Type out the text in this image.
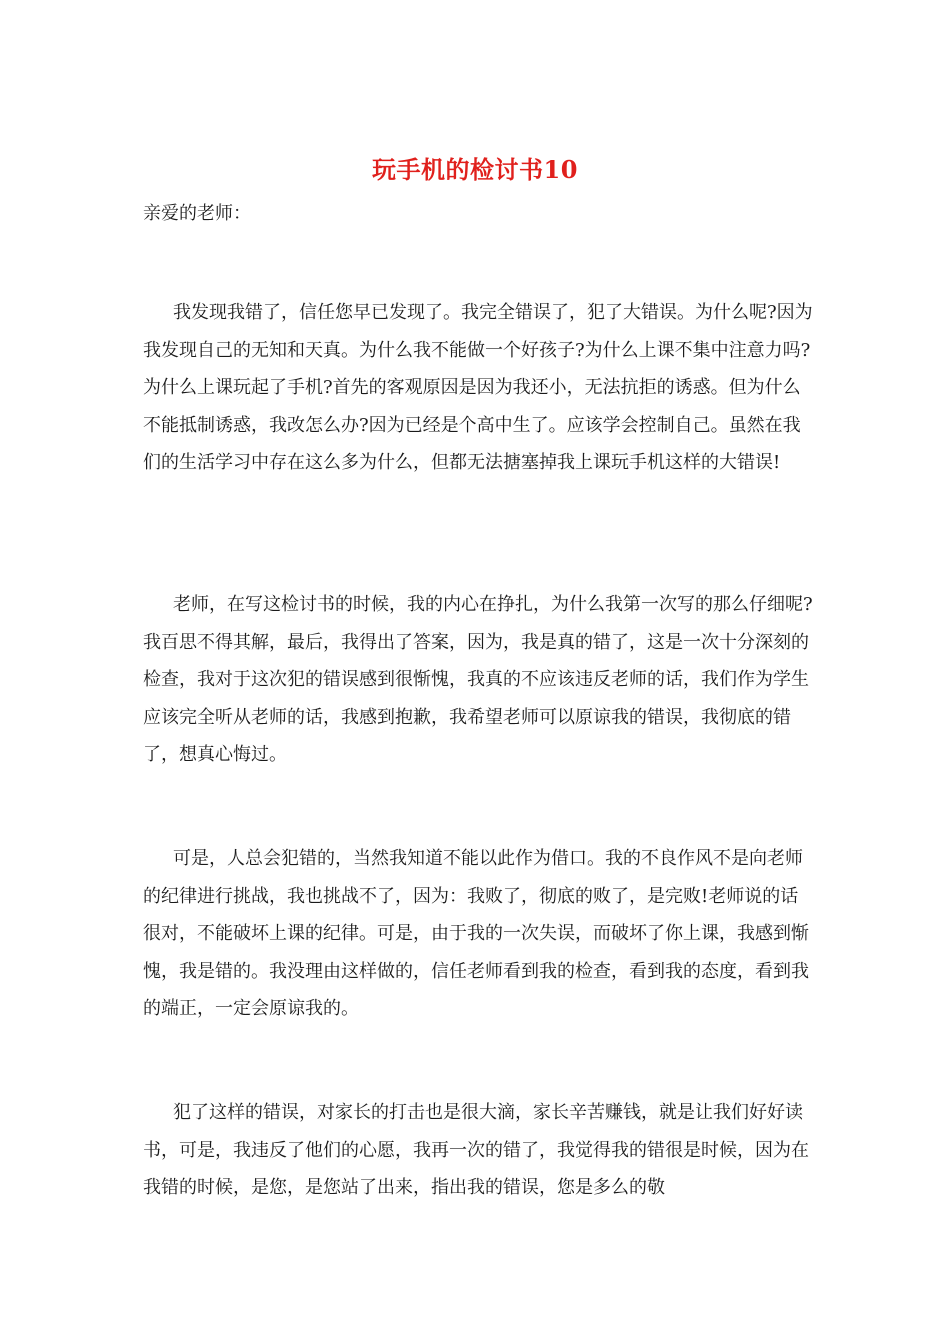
玩手机的检讨书10
亲爱的老师：

我发现我错了，信任您早已发现了。我完全错误了，犯了大错误。为什么呢?因为我发现自己的无知和天真。为什么我不能做一个好孩子?为什么上课不集中注意力吗?为什么上课玩起了手机?首先的客观原因是因为我还小，无法抗拒的诱惑。但为什么不能抵制诱惑，我改怎么办?因为已经是个高中生了。应该学会控制自己。虽然在我们的生活学习中存在这么多为什么，但都无法搪塞掉我上课玩手机这样的大错误!

老师，在写这检讨书的时候，我的内心在挣扎，为什么我第一次写的那么仔细呢?我百思不得其解，最后，我得出了答案，因为，我是真的错了，这是一次十分深刻的检查，我对于这次犯的错误感到很惭愧，我真的不应该违反老师的话，我们作为学生应该完全听从老师的话，我感到抱歉，我希望老师可以原谅我的错误，我彻底的错了，想真心悔过。

可是，人总会犯错的，当然我知道不能以此作为借口。我的不良作风不是向老师的纪律进行挑战，我也挑战不了，因为：我败了，彻底的败了，是完败!老师说的话很对，不能破坏上课的纪律。可是，由于我的一次失误，而破坏了你上课，我感到惭愧，我是错的。我没理由这样做的，信任老师看到我的检查，看到我的态度，看到我的端正，一定会原谅我的。

犯了这样的错误，对家长的打击也是很大滴，家长辛苦赚钱，就是让我们好好读书，可是，我违反了他们的心愿，我再一次的错了，我觉得我的错很是时候，因为在我错的时候，是您，是您站了出来，指出我的错误，您是多么的敬
